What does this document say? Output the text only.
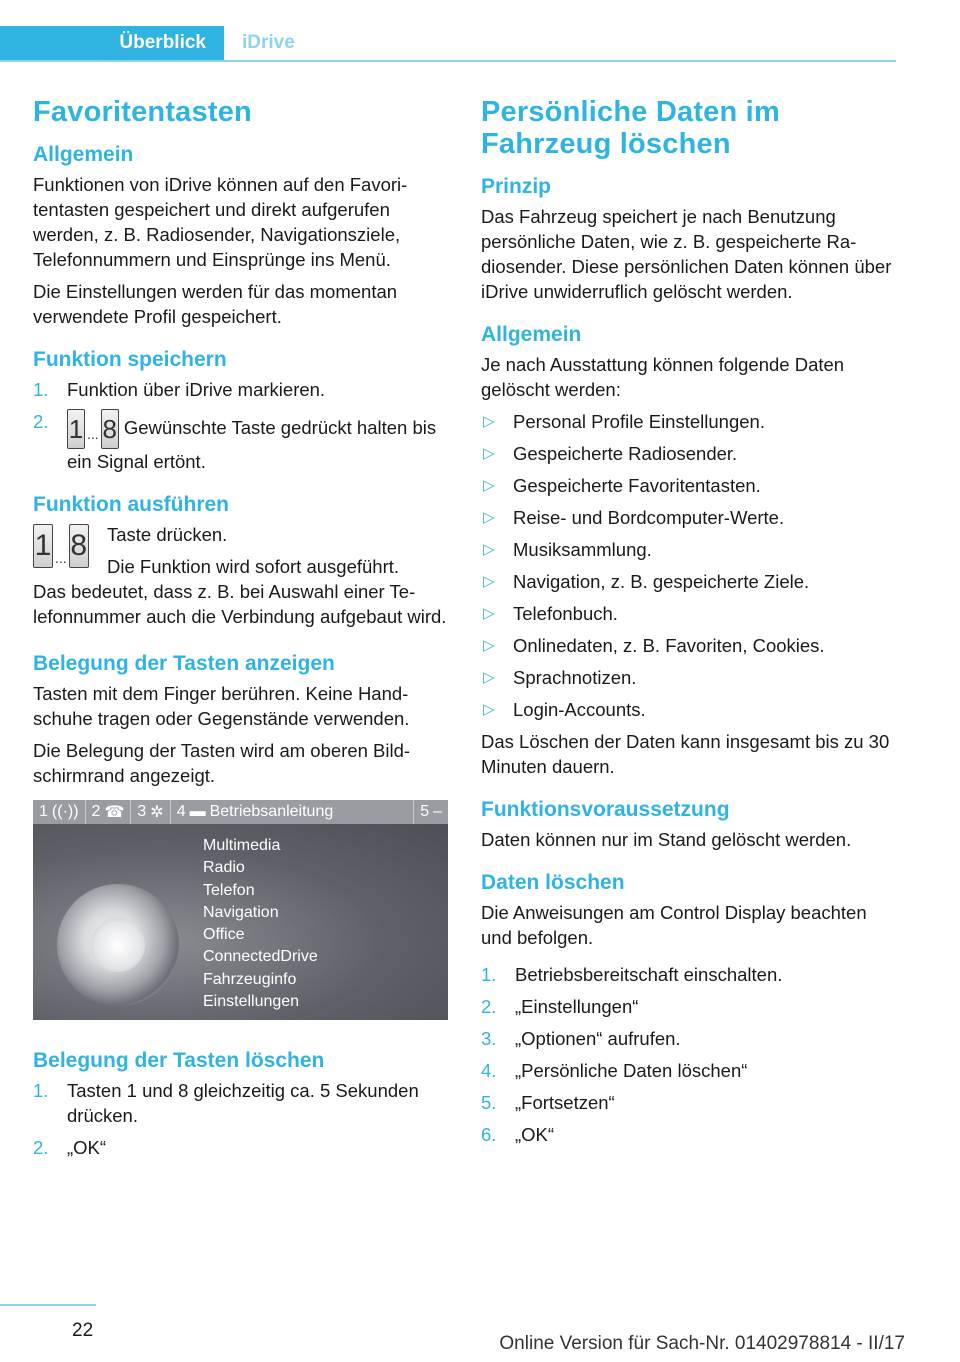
Überblick iDrive
Favoritentasten
Allgemein

Funktionen von iDrive können auf den Favoritentasten gespeichert und direkt aufgerufen werden, z. B. Radiosender, Navigationsziele, Telefonnummern und Einsprünge ins Menü.

Die Einstellungen werden für das momentan verwendete Profil gespeichert.

Funktion speichern
1. Funktion über iDrive markieren.
2. 1 ... 8 Gewünschte Taste gedrückt halten bis ein Signal ertönt.
Funktion ausführen
1 ... 8	Taste drücken.

Die Funktion wird sofort ausgeführt.

Das bedeutet, dass z. B. bei Auswahl einer Telefonnummer auch die Verbindung aufgebaut wird.

Belegung der Tasten anzeigen

Tasten mit dem Finger berühren. Keine Handschuhe tragen oder Gegenstände verwenden.

Die Belegung der Tasten wird am oberen Bildschirmrand angezeigt.

1 ((·)) 2 ☎ 3 ✲ 4 ▬ Betriebsanleitung	5 –
Multimedia
Radio
Telefon
Navigation
Office
ConnectedDrive
Fahrzeuginfo
Einstellungen
Belegung der Tasten löschen
1. Tasten 1 und 8 gleichzeitig ca. 5 Sekunden drücken.
2. „OK“
Persönliche Daten im Fahrzeug löschen
Prinzip

Das Fahrzeug speichert je nach Benutzung persönliche Daten, wie z. B. gespeicherte Radiosender. Diese persönlichen Daten können über iDrive unwiderruflich gelöscht werden.

Allgemein

Je nach Ausstattung können folgende Daten gelöscht werden:

▷ Personal Profile Einstellungen.
▷ Gespeicherte Radiosender.
▷ Gespeicherte Favoritentasten.
▷ Reise- und Bordcomputer-Werte.
▷ Musiksammlung.
▷ Navigation, z. B. gespeicherte Ziele.
▷ Telefonbuch.
▷ Onlinedaten, z. B. Favoriten, Cookies.
▷ Sprachnotizen.
▷ Login-Accounts.

Das Löschen der Daten kann insgesamt bis zu 30 Minuten dauern.

Funktionsvoraussetzung

Daten können nur im Stand gelöscht werden.

Daten löschen

Die Anweisungen am Control Display beachten und befolgen.

1. Betriebsbereitschaft einschalten.
2. „Einstellungen“
3. „Optionen“ aufrufen.
4. „Persönliche Daten löschen“
5. „Fortsetzen“
6. „OK“
22
Online Version für Sach-Nr. 01402978814 - II/17
